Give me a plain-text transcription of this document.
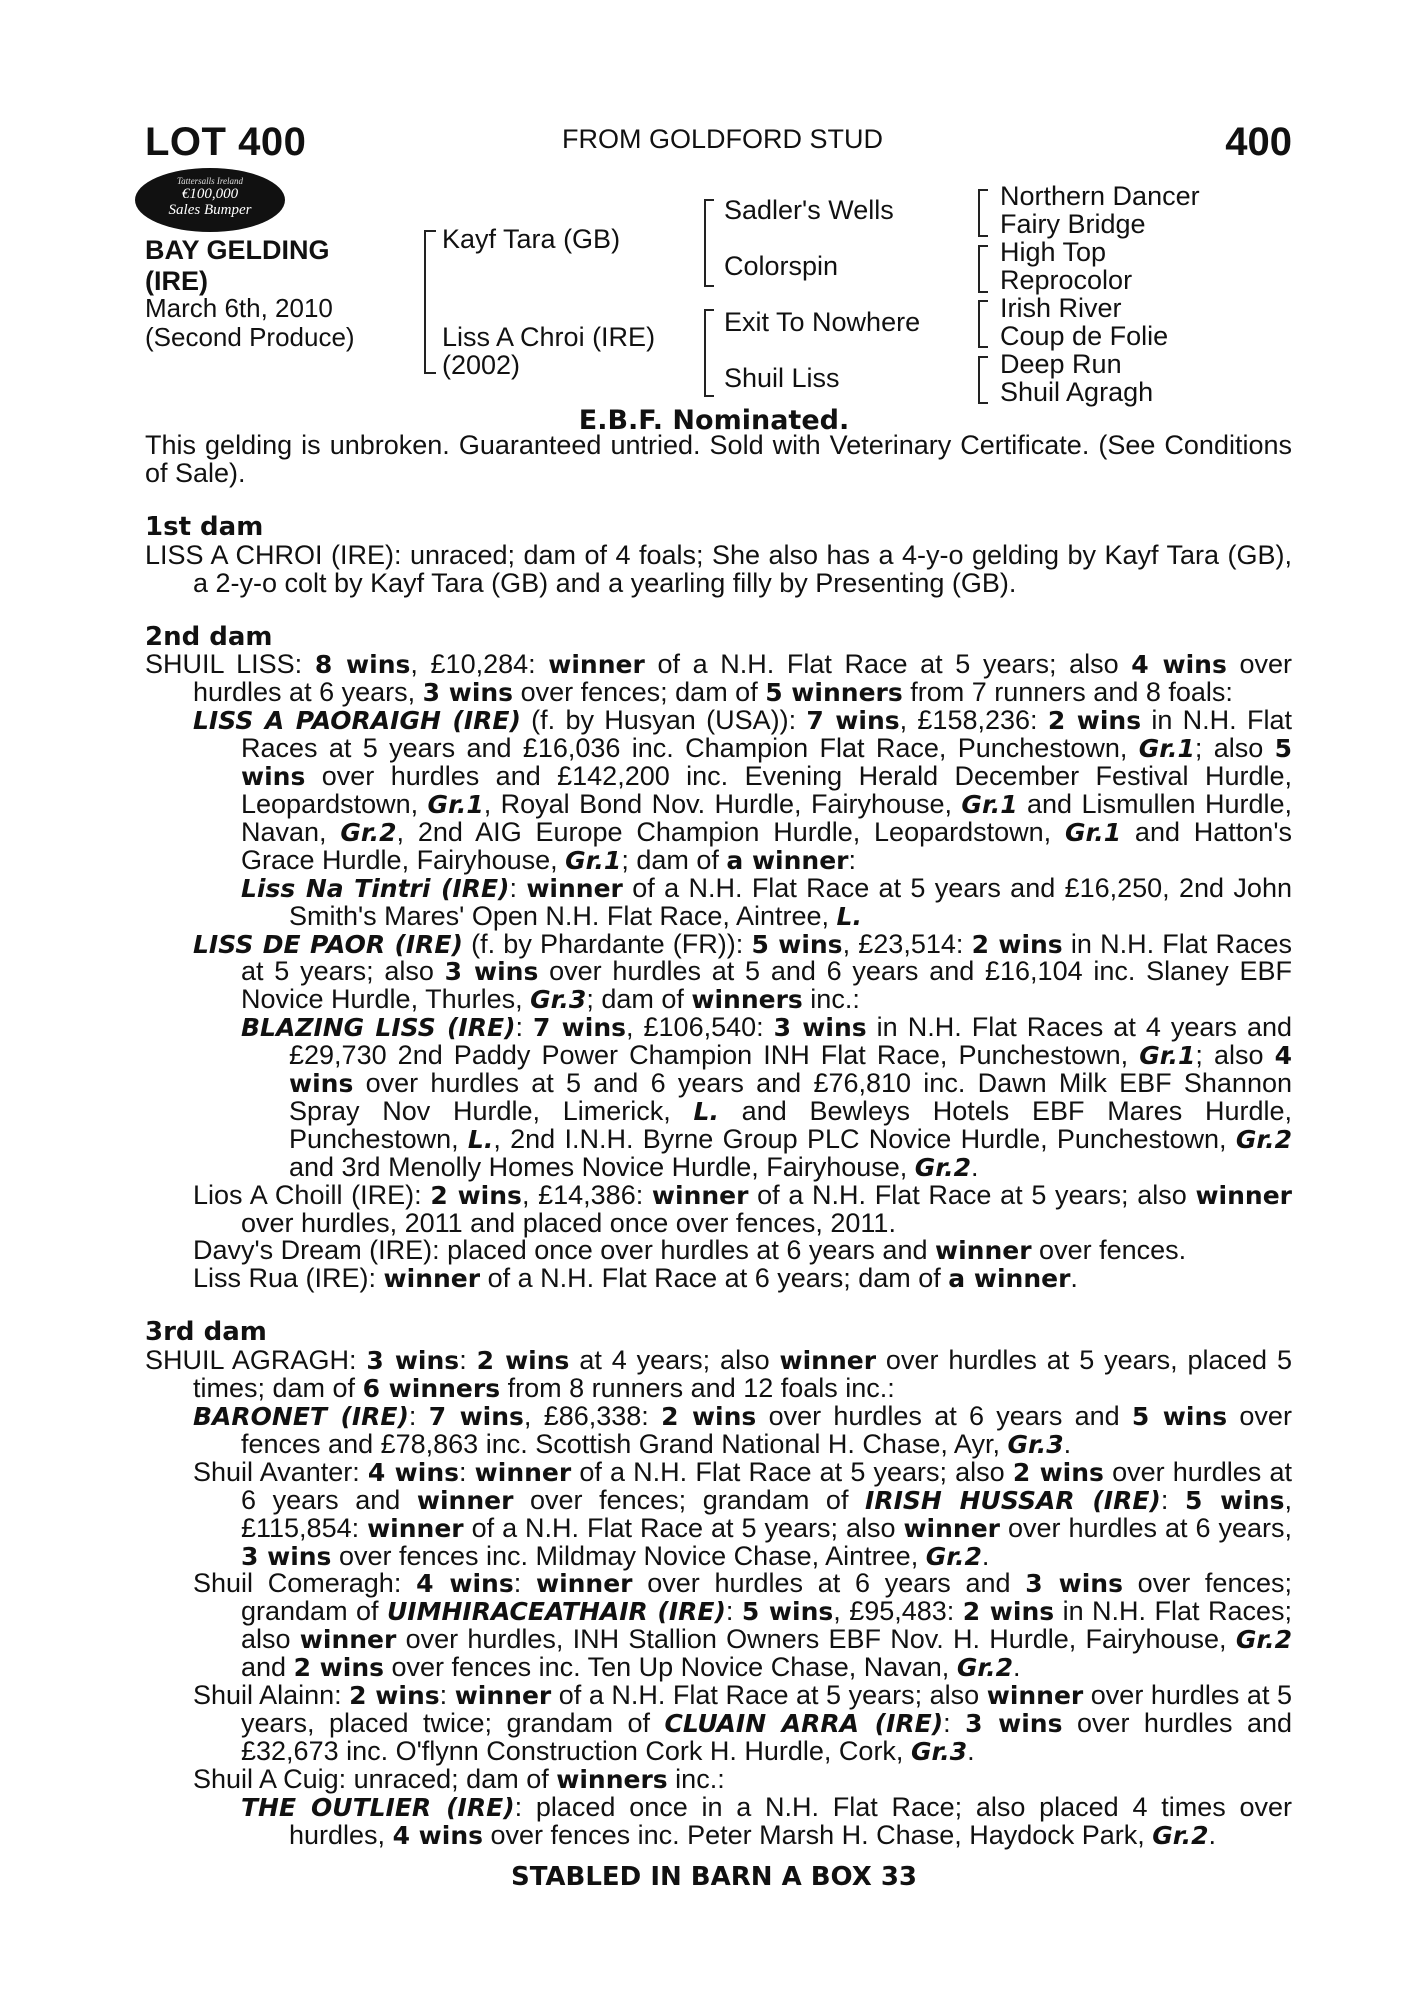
LOT 400	FROM GOLDFORD STUD	400
Tattersalls Ireland
€100,000
Sales Bumper
BAY GELDING
(IRE)
March 6th, 2010
(Second Produce)
Kayf Tara (GB)
Liss A Chroi (IRE)
(2002)
Sadler's Wells
Colorspin
Exit To Nowhere
Shuil Liss
Northern Dancer
Fairy Bridge
High Top
Reprocolor
Irish River
Coup de Folie
Deep Run
Shuil Agragh
E.B.F. Nominated.

This gelding is unbroken. Guaranteed untried. Sold with Veterinary Certificate. (See Conditions of Sale).

1st dam

LISS A CHROI (IRE): unraced; dam of 4 foals; She also has a 4-y-o gelding by Kayf Tara (GB), a 2-y-o colt by Kayf Tara (GB) and a yearling filly by Presenting (GB).

2nd dam

SHUIL LISS: 8 wins, £10,284: winner of a N.H. Flat Race at 5 years; also 4 wins over hurdles at 6 years, 3 wins over fences; dam of 5 winners from 7 runners and 8 foals:

LISS A PAORAIGH (IRE) (f. by Husyan (USA)): 7 wins, £158,236: 2 wins in N.H. Flat Races at 5 years and £16,036 inc. Champion Flat Race, Punchestown, Gr.1; also 5 wins over hurdles and £142,200 inc. Evening Herald December Festival Hurdle, Leopardstown, Gr.1, Royal Bond Nov. Hurdle, Fairyhouse, Gr.1 and Lismullen Hurdle, Navan, Gr.2, 2nd AIG Europe Champion Hurdle, Leopardstown, Gr.1 and Hatton's Grace Hurdle, Fairyhouse, Gr.1; dam of a winner:

Liss Na Tintri (IRE): winner of a N.H. Flat Race at 5 years and £16,250, 2nd John Smith's Mares' Open N.H. Flat Race, Aintree, L.

LISS DE PAOR (IRE) (f. by Phardante (FR)): 5 wins, £23,514: 2 wins in N.H. Flat Races at 5 years; also 3 wins over hurdles at 5 and 6 years and £16,104 inc. Slaney EBF Novice Hurdle, Thurles, Gr.3; dam of winners inc.:

BLAZING LISS (IRE): 7 wins, £106,540: 3 wins in N.H. Flat Races at 4 years and £29,730 2nd Paddy Power Champion INH Flat Race, Punchestown, Gr.1; also 4 wins over hurdles at 5 and 6 years and £76,810 inc. Dawn Milk EBF Shannon Spray Nov Hurdle, Limerick, L. and Bewleys Hotels EBF Mares Hurdle, Punchestown, L., 2nd I.N.H. Byrne Group PLC Novice Hurdle, Punchestown, Gr.2 and 3rd Menolly Homes Novice Hurdle, Fairyhouse, Gr.2.

Lios A Choill (IRE): 2 wins, £14,386: winner of a N.H. Flat Race at 5 years; also winner over hurdles, 2011 and placed once over fences, 2011.

Davy's Dream (IRE): placed once over hurdles at 6 years and winner over fences.

Liss Rua (IRE): winner of a N.H. Flat Race at 6 years; dam of a winner.

3rd dam

SHUIL AGRAGH: 3 wins: 2 wins at 4 years; also winner over hurdles at 5 years, placed 5 times; dam of 6 winners from 8 runners and 12 foals inc.:

BARONET (IRE): 7 wins, £86,338: 2 wins over hurdles at 6 years and 5 wins over fences and £78,863 inc. Scottish Grand National H. Chase, Ayr, Gr.3.

Shuil Avanter: 4 wins: winner of a N.H. Flat Race at 5 years; also 2 wins over hurdles at 6 years and winner over fences; grandam of IRISH HUSSAR (IRE): 5 wins, £115,854: winner of a N.H. Flat Race at 5 years; also winner over hurdles at 6 years, 3 wins over fences inc. Mildmay Novice Chase, Aintree, Gr.2.

Shuil Comeragh: 4 wins: winner over hurdles at 6 years and 3 wins over fences; grandam of UIMHIRACEATHAIR (IRE): 5 wins, £95,483: 2 wins in N.H. Flat Races; also winner over hurdles, INH Stallion Owners EBF Nov. H. Hurdle, Fairyhouse, Gr.2 and 2 wins over fences inc. Ten Up Novice Chase, Navan, Gr.2.

Shuil Alainn: 2 wins: winner of a N.H. Flat Race at 5 years; also winner over hurdles at 5 years, placed twice; grandam of CLUAIN ARRA (IRE): 3 wins over hurdles and £32,673 inc. O'flynn Construction Cork H. Hurdle, Cork, Gr.3.

Shuil A Cuig: unraced; dam of winners inc.:

THE OUTLIER (IRE): placed once in a N.H. Flat Race; also placed 4 times over hurdles, 4 wins over fences inc. Peter Marsh H. Chase, Haydock Park, Gr.2.

STABLED IN BARN A BOX 33
